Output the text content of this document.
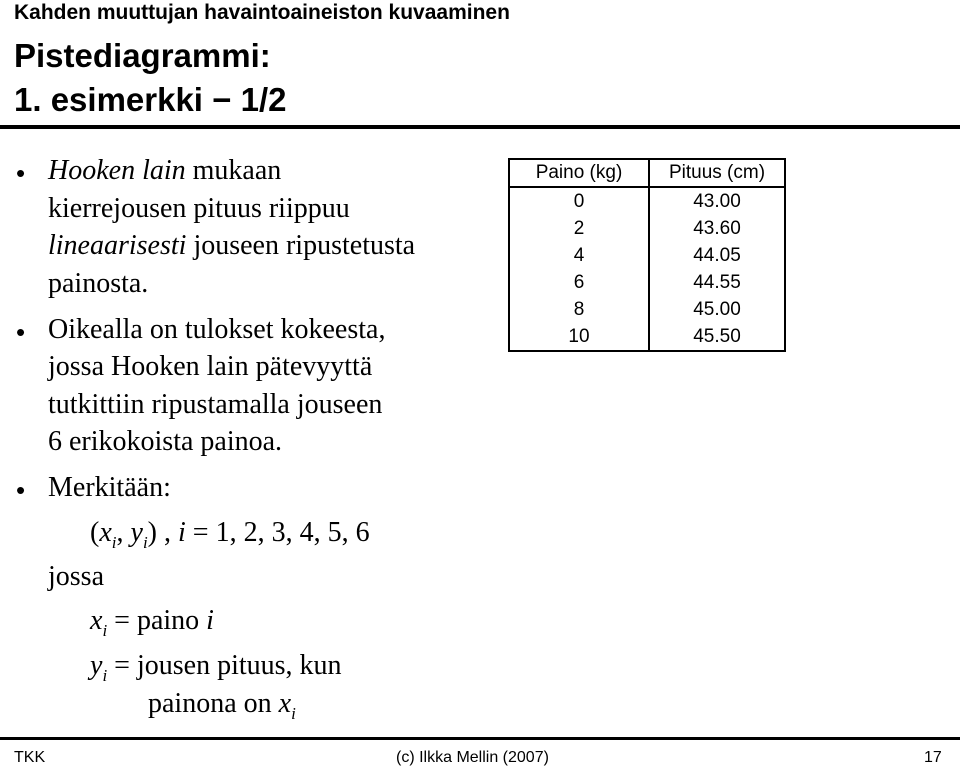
Kahden muuttujan havaintoaineiston kuvaaminen
Pistediagrammi:
1. esimerkki − 1/2
• Hooken lain mukaan
kierrejousen pituus riippuu
lineaarisesti jouseen ripustetusta
painosta.
• Oikealla on tulokset kokeesta,
jossa Hooken lain pätevyyttä
tutkittiin ripustamalla jouseen
6 erikokoista painoa.
• Merkitään:
($x_i$, $y_i$) , i = 1, 2, 3, 4, 5, 6
jossa
$x_i$ = paino i
$y_i$ = jousen pituus, kun
painona on $x_i$
Paino (kg)	Pituus (cm)
0	43.00
2	43.60
4	44.05
6	44.55
8	45.00
10	45.50
TKK	(c) Ilkka Mellin (2007)	17
